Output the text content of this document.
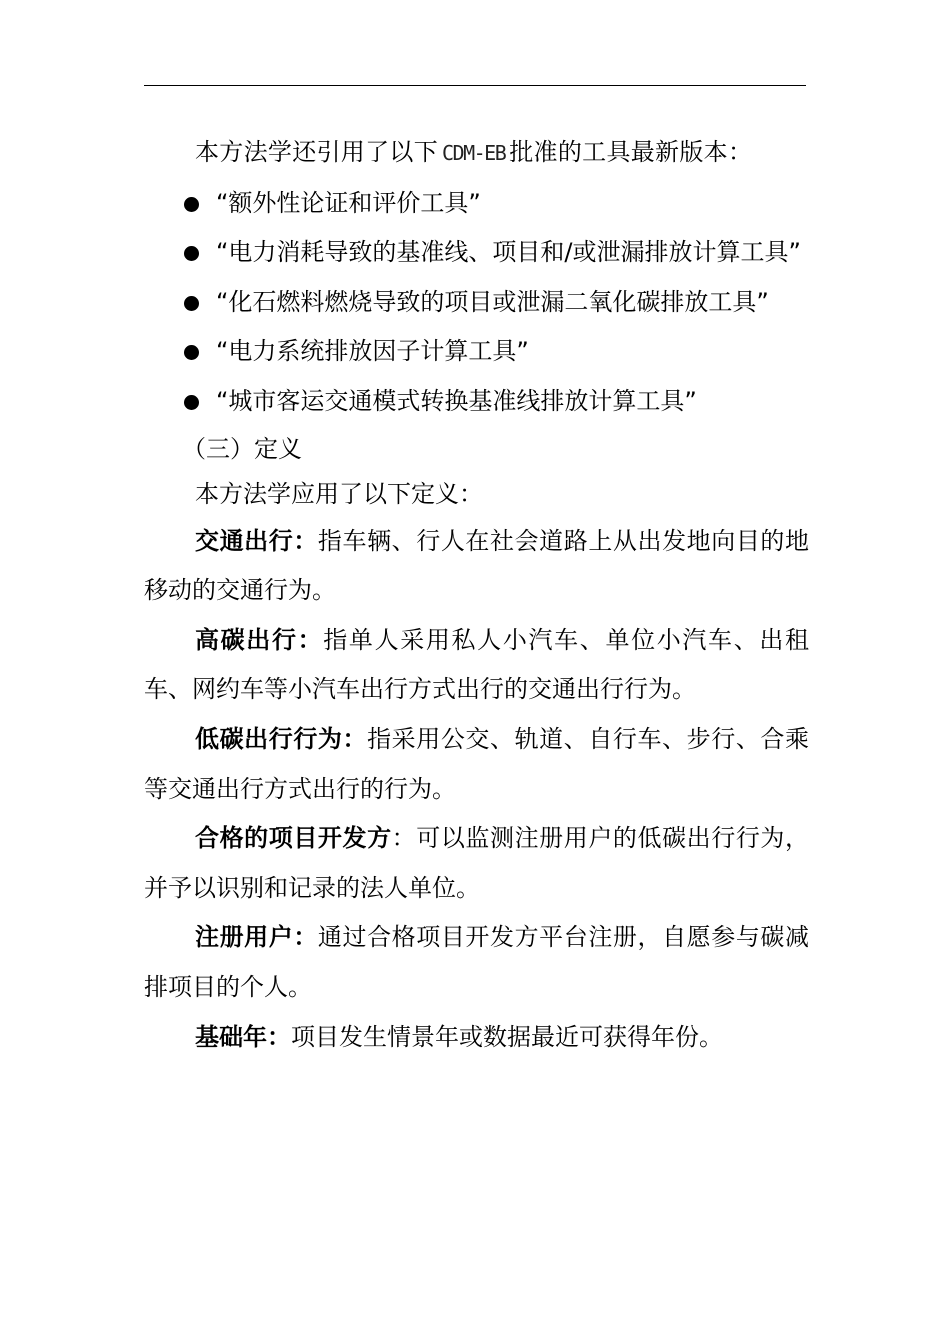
本方法学还引用了以下 CDM-EB 批准的工具最新版本：

“额外性论证和评价工具”
“电力消耗导致的基准线、项目和/或泄漏排放计算工具”
“化石燃料燃烧导致的项目或泄漏二氧化碳排放工具”
“电力系统排放因子计算工具”
“城市客运交通模式转换基准线排放计算工具”

（三）定义

本方法学应用了以下定义：

交通出行：指车辆、行人在社会道路上从出发地向目的地移动的交通行为。

高碳出行：指单人采用私人小汽车、单位小汽车、出租车、网约车等小汽车出行方式出行的交通出行行为。

低碳出行行为：指采用公交、轨道、自行车、步行、合乘等交通出行方式出行的行为。

合格的项目开发方：可以监测注册用户的低碳出行行为，并予以识别和记录的法人单位。

注册用户：通过合格项目开发方平台注册，自愿参与碳减排项目的个人。

基础年：项目发生情景年或数据最近可获得年份。
